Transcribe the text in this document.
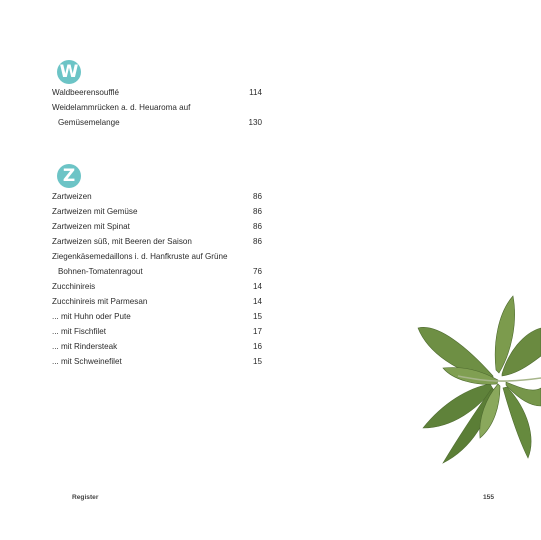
W
Waldbeerensoufflé	114
Weidelammrücken a. d. Heuaroma auf
Gemüsemelange	130
Z
Zartweizen	86
Zartweizen mit Gemüse	86
Zartweizen mit Spinat	86
Zartweizen süß, mit Beeren der Saison	86
Ziegenkäsemedaillons i. d. Hanfkruste auf Grüne
Bohnen-Tomatenragout	76
Zucchinireis	14
Zucchinireis mit Parmesan	14
... mit Huhn oder Pute	15
... mit Fischfilet	17
... mit Rindersteak	16
... mit Schweinefilet	15
Register	155
